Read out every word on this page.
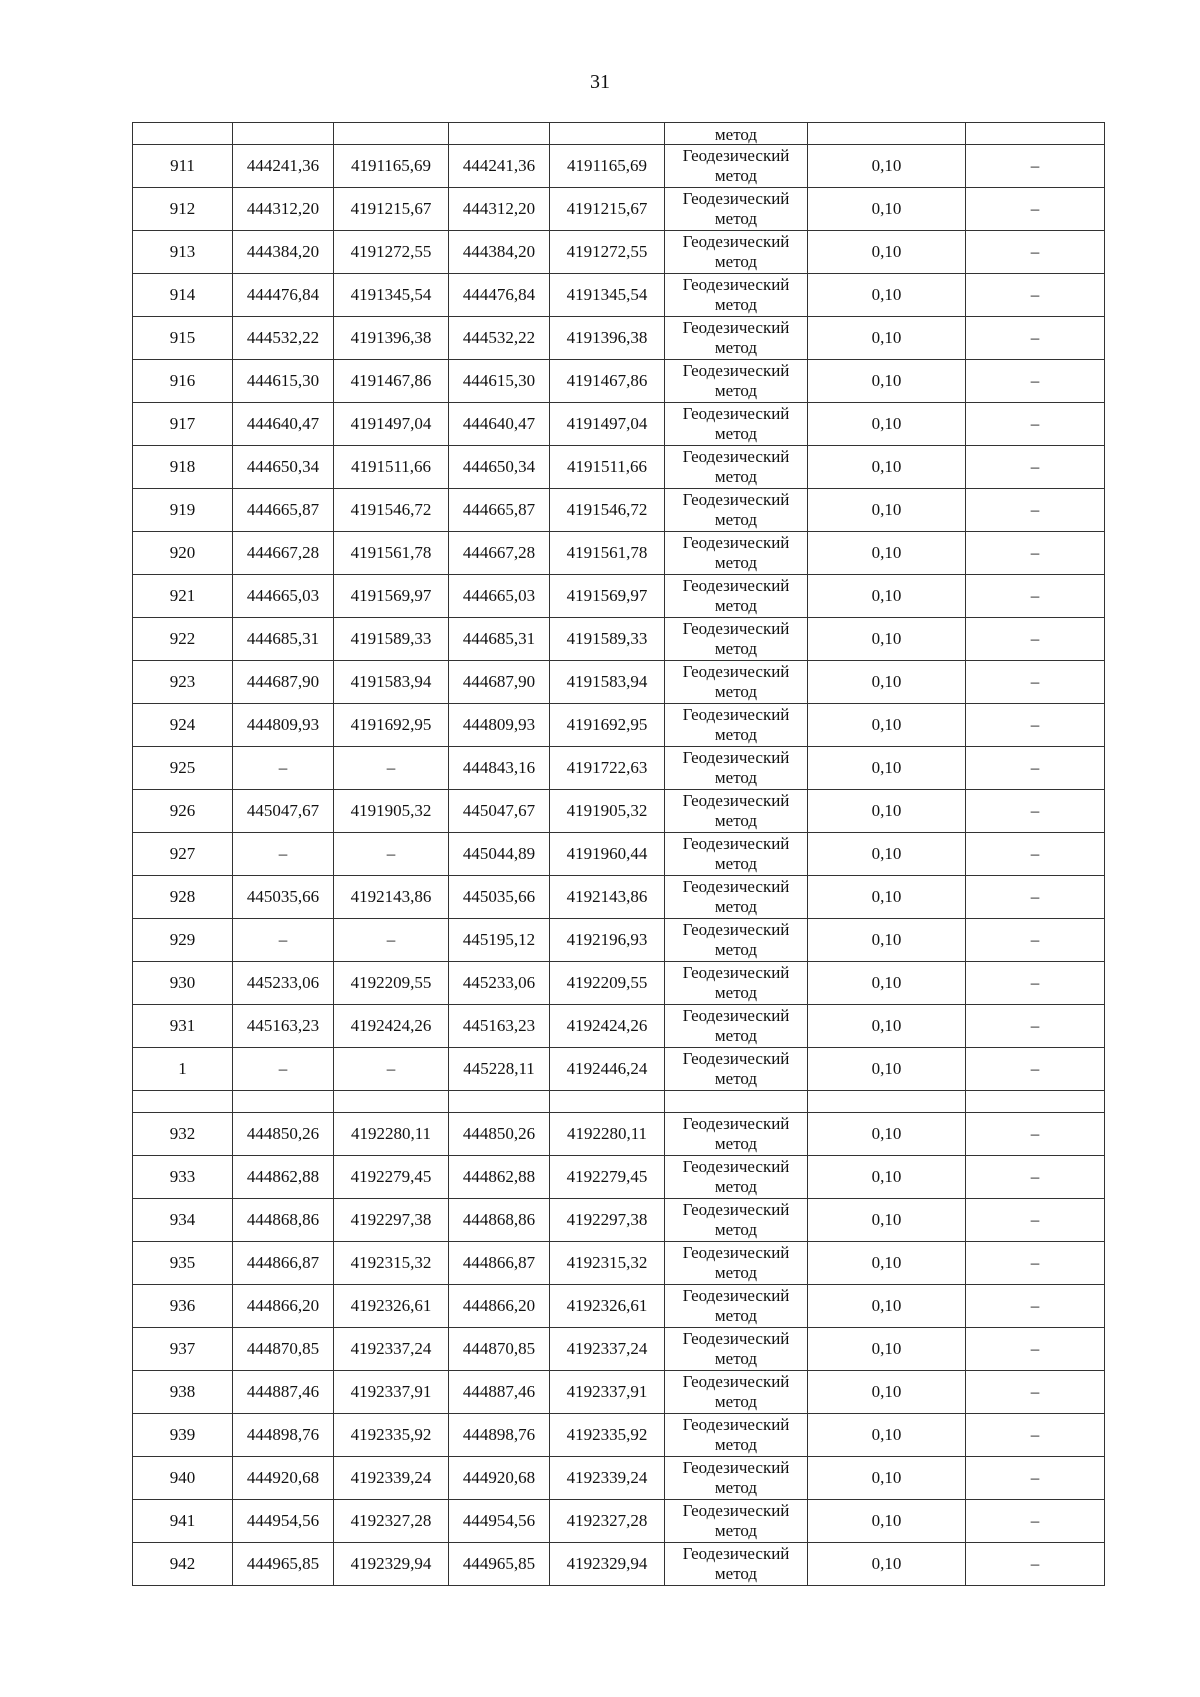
31

					метод		

911	444241,36	4191165,69	444241,36	4191165,69	Геодезический
метод	0,10	–
912	444312,20	4191215,67	444312,20	4191215,67	Геодезический
метод	0,10	–
913	444384,20	4191272,55	444384,20	4191272,55	Геодезический
метод	0,10	–
914	444476,84	4191345,54	444476,84	4191345,54	Геодезический
метод	0,10	–
915	444532,22	4191396,38	444532,22	4191396,38	Геодезический
метод	0,10	–
916	444615,30	4191467,86	444615,30	4191467,86	Геодезический
метод	0,10	–
917	444640,47	4191497,04	444640,47	4191497,04	Геодезический
метод	0,10	–
918	444650,34	4191511,66	444650,34	4191511,66	Геодезический
метод	0,10	–
919	444665,87	4191546,72	444665,87	4191546,72	Геодезический
метод	0,10	–
920	444667,28	4191561,78	444667,28	4191561,78	Геодезический
метод	0,10	–
921	444665,03	4191569,97	444665,03	4191569,97	Геодезический
метод	0,10	–
922	444685,31	4191589,33	444685,31	4191589,33	Геодезический
метод	0,10	–
923	444687,90	4191583,94	444687,90	4191583,94	Геодезический
метод	0,10	–
924	444809,93	4191692,95	444809,93	4191692,95	Геодезический
метод	0,10	–
925	–	–	444843,16	4191722,63	Геодезический
метод	0,10	–
926	445047,67	4191905,32	445047,67	4191905,32	Геодезический
метод	0,10	–
927	–	–	445044,89	4191960,44	Геодезический
метод	0,10	–
928	445035,66	4192143,86	445035,66	4192143,86	Геодезический
метод	0,10	–
929	–	–	445195,12	4192196,93	Геодезический
метод	0,10	–
930	445233,06	4192209,55	445233,06	4192209,55	Геодезический
метод	0,10	–
931	445163,23	4192424,26	445163,23	4192424,26	Геодезический
метод	0,10	–
1	–	–	445228,11	4192446,24	Геодезический
метод	0,10	–

932	444850,26	4192280,11	444850,26	4192280,11	Геодезический
метод	0,10	–
933	444862,88	4192279,45	444862,88	4192279,45	Геодезический
метод	0,10	–
934	444868,86	4192297,38	444868,86	4192297,38	Геодезический
метод	0,10	–
935	444866,87	4192315,32	444866,87	4192315,32	Геодезический
метод	0,10	–
936	444866,20	4192326,61	444866,20	4192326,61	Геодезический
метод	0,10	–
937	444870,85	4192337,24	444870,85	4192337,24	Геодезический
метод	0,10	–
938	444887,46	4192337,91	444887,46	4192337,91	Геодезический
метод	0,10	–
939	444898,76	4192335,92	444898,76	4192335,92	Геодезический
метод	0,10	–
940	444920,68	4192339,24	444920,68	4192339,24	Геодезический
метод	0,10	–
941	444954,56	4192327,28	444954,56	4192327,28	Геодезический
метод	0,10	–
942	444965,85	4192329,94	444965,85	4192329,94	Геодезический
метод	0,10	–
